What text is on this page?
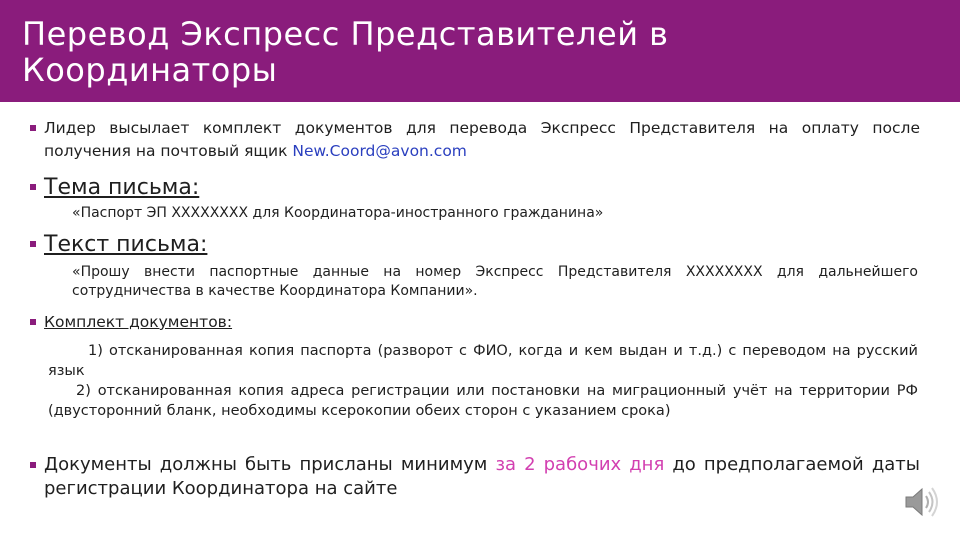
Перевод Экспресс Представителей в Координаторы
Лидер высылает комплект документов для перевода Экспресс Представителя на оплату после получения на почтовый ящик New.Coord@avon.com
Тема письма:
«Паспорт ЭП XXXXXXXX для Координатора-иностранного гражданина»
Текст письма:
«Прошу внести паспортные данные на номер Экспресс Представителя XXXXXXXX для дальнейшего сотрудничества в качестве Координатора Компании».
Комплект документов:
1) отсканированная копия паспорта (разворот с ФИО, когда и кем выдан и т.д.) с переводом на русский язык
2) отсканированная копия адреса регистрации или постановки на миграционный учёт на территории РФ (двусторонний бланк, необходимы ксерокопии обеих сторон с указанием срока)
Документы должны быть присланы минимум за 2 рабочих дня до предполагаемой даты регистрации Координатора на сайте
